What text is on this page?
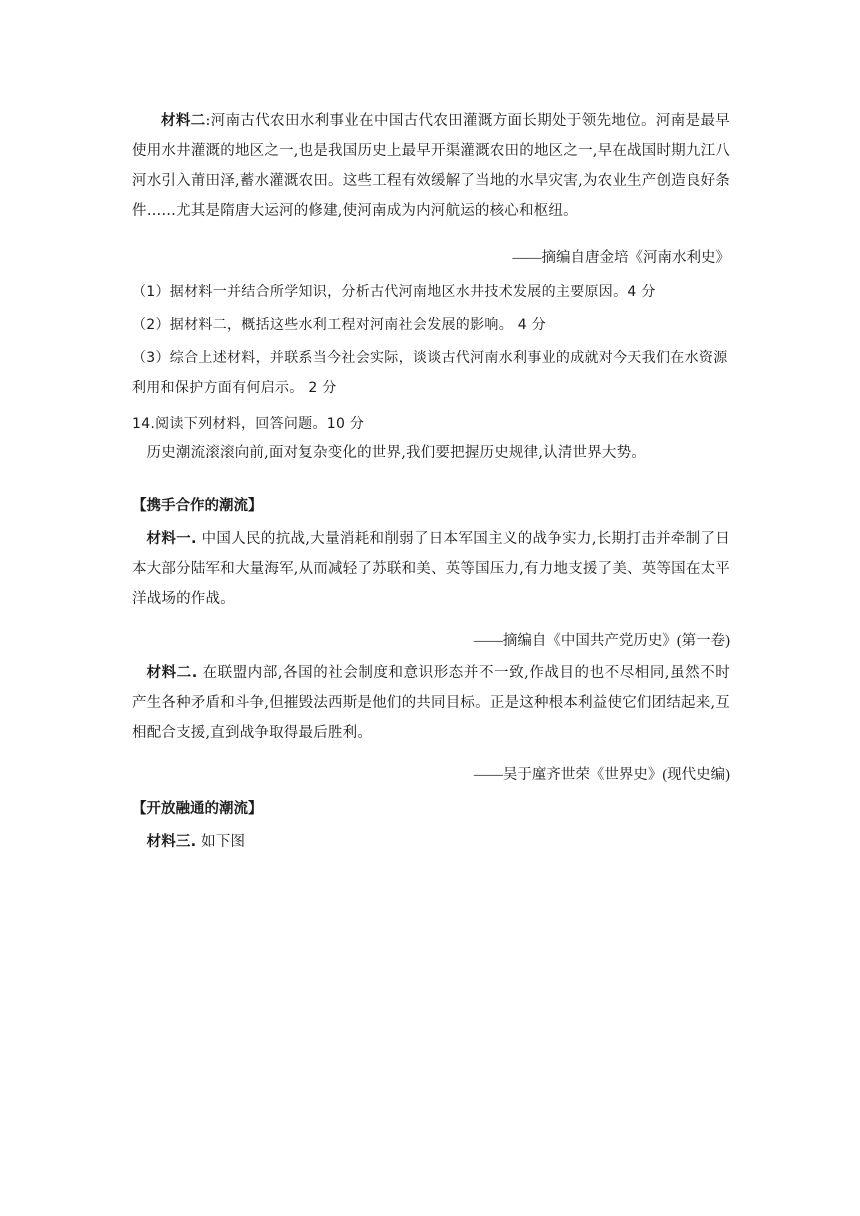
材料二:河南古代农田水利事业在中国古代农田灌溉方面长期处于领先地位。河南是最早使用水井灌溉的地区之一,也是我国历史上最早开渠灌溉农田的地区之一,早在战国时期九江八河水引入莆田泽,蓄水灌溉农田。这些工程有效缓解了当地的水旱灾害,为农业生产创造良好条件……尤其是隋唐大运河的修建,使河南成为内河航运的核心和枢纽。
——摘编自唐金培《河南水利史》
（1）据材料一并结合所学知识，分析古代河南地区水井技术发展的主要原因。4 分
（2）据材料二，概括这些水利工程对河南社会发展的影响。 4 分
（3）综合上述材料，并联系当今社会实际，谈谈古代河南水利事业的成就对今天我们在水资源利用和保护方面有何启示。 2 分
14.阅读下列材料，回答问题。10 分
历史潮流滚滚向前,面对复杂变化的世界,我们要把握历史规律,认清世界大势。
【携手合作的潮流】
材料一. 中国人民的抗战,大量消耗和削弱了日本军国主义的战争实力,长期打击并牵制了日本大部分陆军和大量海军,从而减轻了苏联和美、英等国压力,有力地支援了美、英等国在太平洋战场的作战。
——摘编自《中国共产党历史》(第一卷)
材料二. 在联盟内部,各国的社会制度和意识形态并不一致,作战目的也不尽相同,虽然不时产生各种矛盾和斗争,但摧毁法西斯是他们的共同目标。正是这种根本利益使它们团结起来,互相配合支援,直到战争取得最后胜利。
——吴于廑齐世荣《世界史》(现代史编)
【开放融通的潮流】
材料三. 如下图
